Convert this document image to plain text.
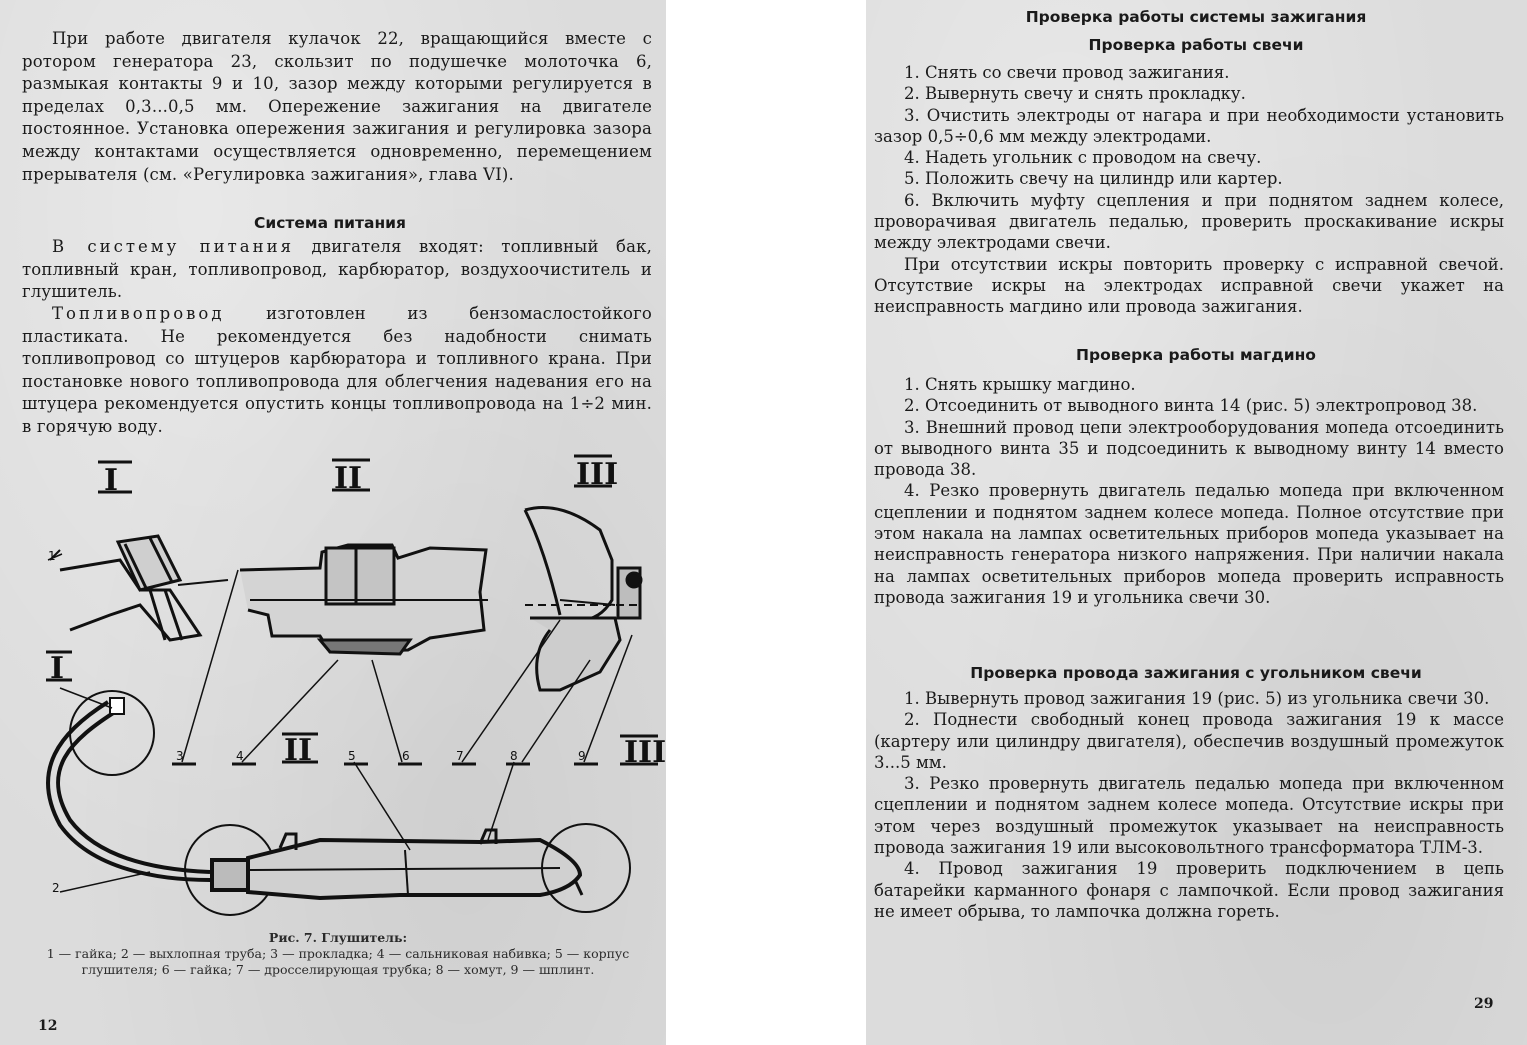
При работе двигателя кулачок 22, вращающийся вместе с ротором генератора 23, скользит по подушечке молоточка 6, размыкая контакты 9 и 10, зазор между которыми регулируется в пределах 0,3...0,5 мм. Опережение зажигания на двигателе постоянное. Установка опережения зажигания и регулировка зазора между контактами осуществляется одновременно, перемещением прерывателя (см. «Регулировка зажигания», глава VI).

Система питания

В систему питания двигателя входят: топливный бак, топливный кран, топливопровод, карбюратор, воздухоочиститель и глушитель.

Топливопровод изготовлен из бензомаслостойкого пластиката. Не рекомендуется без надобности снимать топливопровод со штуцеров карбюратора и топливного крана. При постановке нового топливопровода для облегчения надевания его на штуцера рекомендуется опустить концы топливопровода на 1÷2 мин. в горячую воду.

I	II	III
3	4	5	6	7	8	9
1
2
I
II	III

Рис. 7. Глушитель:
1 — гайка; 2 — выхлопная труба; 3 — прокладка; 4 — сальниковая набивка; 5 — корпус глушителя; 6 — гайка; 7 — дросселирующая трубка; 8 — хомут, 9 — шплинт.

12

Проверка работы системы зажигания

Проверка работы свечи

1. Снять со свечи провод зажигания.

2. Вывернуть свечу и снять прокладку.

3. Очистить электроды от нагара и при необходимости установить зазор 0,5÷0,6 мм между электродами.

4. Надеть угольник с проводом на свечу.

5. Положить свечу на цилиндр или картер.

6. Включить муфту сцепления и при поднятом заднем колесе, проворачивая двигатель педалью, проверить проскакивание искры между электродами свечи.

При отсутствии искры повторить проверку с исправной свечой. Отсутствие искры на электродах исправной свечи укажет на неисправность магдино или провода зажигания.

Проверка работы магдино

1. Снять крышку магдино.

2. Отсоединить от выводного винта 14 (рис. 5) электропровод 38.

3. Внешний провод цепи электрооборудования мопеда отсоединить от выводного винта 35 и подсоединить к выводному винту 14 вместо провода 38.

4. Резко провернуть двигатель педалью мопеда при включенном сцеплении и поднятом заднем колесе мопеда. Полное отсутствие при этом накала на лампах осветительных приборов мопеда указывает на неисправность генератора низкого напряжения. При наличии накала на лампах осветительных приборов мопеда проверить исправность провода зажигания 19 и угольника свечи 30.

Проверка провода зажигания с угольником свечи

1. Вывернуть провод зажигания 19 (рис. 5) из угольника свечи 30.

2. Поднести свободный конец провода зажигания 19 к массе (картеру или цилиндру двигателя), обеспечив воздушный промежуток 3...5 мм.

3. Резко провернуть двигатель педалью мопеда при включенном сцеплении и поднятом заднем колесе мопеда. Отсутствие искры при этом через воздушный промежуток указывает на неисправность провода зажигания 19 или высоковольтного трансформатора ТЛМ-3.

4. Провод зажигания 19 проверить подключением в цепь батарейки карманного фонаря с лампочкой. Если провод зажигания не имеет обрыва, то лампочка должна гореть.

29
